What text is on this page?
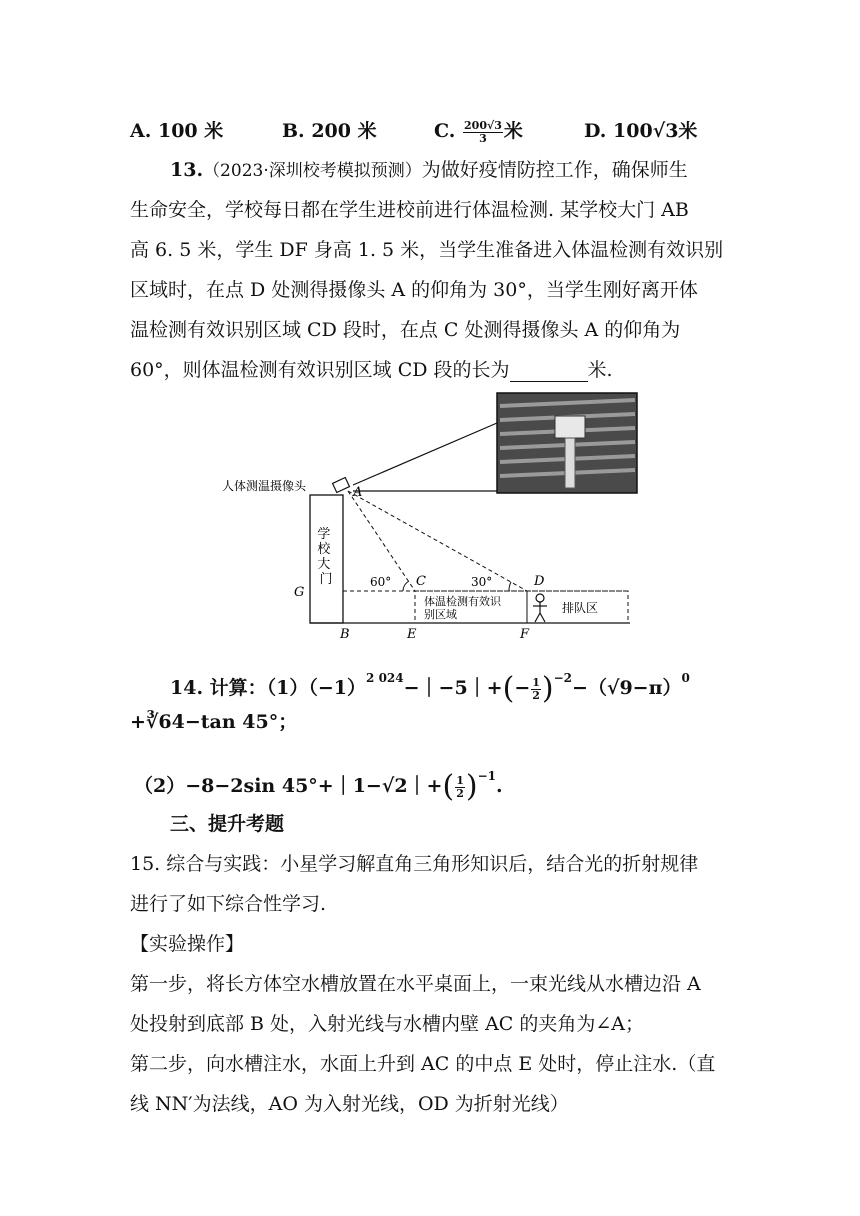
A. 100 米	B. 200 米	C. $\frac{200√3}{3}$ 米	D. 100√3米
13.（2023·深圳校考模拟预测）为做好疫情防控工作，确保师生
生命安全，学校每日都在学生进校前进行体温检测. 某学校大门 AB
高 6. 5 米，学生 DF 身高 1. 5 米，当学生准备进入体温检测有效识别
区域时，在点 D 处测得摄像头 A 的仰角为 30°，当学生刚好离开体
温检测有效识别区域 CD 段时，在点 C 处测得摄像头 A 的仰角为
60°，则体温检测有效识别区域 CD 段的长为	米.
人体测温摄像头	A
学 校 大 门	60°	30°
G
B
C	D
E	F
体温检测有效识 别区域	排队区
14. 计算：$(1)(-1)^{2 024}-|-5|+(- \frac{1}{2} )^{-2}-(√9-\pi)^0$
+∛64−tan 45°；
（2）−8−2sin 45°+｜1−√2｜+( $\frac{1}{2} )^{-1}$.
三、提升考题
15. 综合与实践：小星学习解直角三角形知识后，结合光的折射规律
进行了如下综合性学习.
【实验操作】
第一步，将长方体空水槽放置在水平桌面上，一束光线从水槽边沿 A
处投射到底部 B 处，入射光线与水槽内壁 AC 的夹角为∠A；
第二步，向水槽注水，水面上升到 AC 的中点 E 处时，停止注水.（直
线 NN′为法线，AO 为入射光线，OD 为折射光线）
